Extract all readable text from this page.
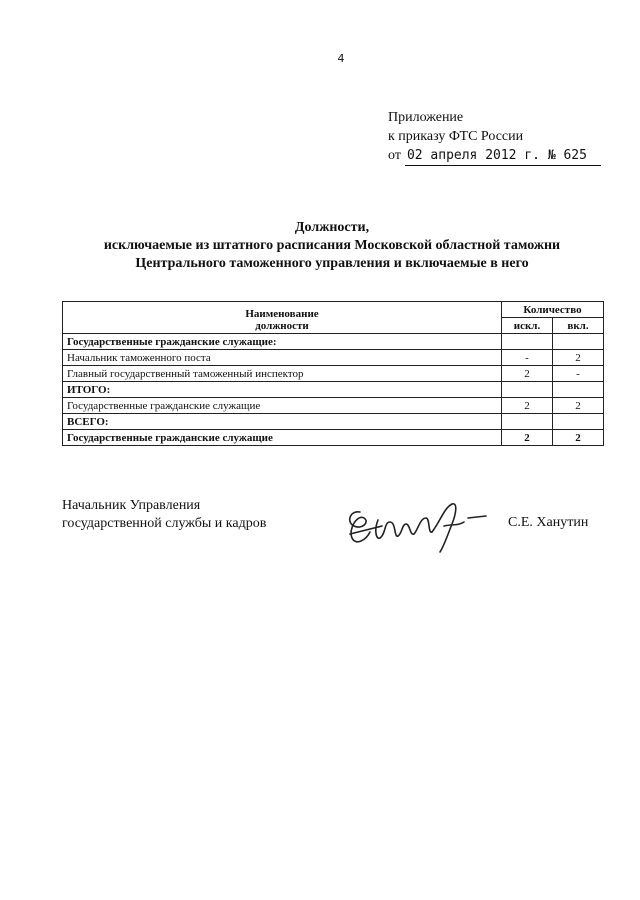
4
Приложение
к приказу ФТС России
от 02 апреля 2012 г. № 625
Должности,
исключаемые из штатного расписания Московской областной таможни
Центрального таможенного управления и включаемые в него
Наименование
должности	Количество	
	искл.	вкл.
Государственные гражданские служащие:		
Начальник таможенного поста	-	2
Главный государственный таможенный инспектор	2	-
ИТОГО:		
Государственные гражданские служащие	2	2
ВСЕГО:		
Государственные гражданские служащие	2	2
Начальник Управления
государственной службы и кадров	С.Е. Ханутин
